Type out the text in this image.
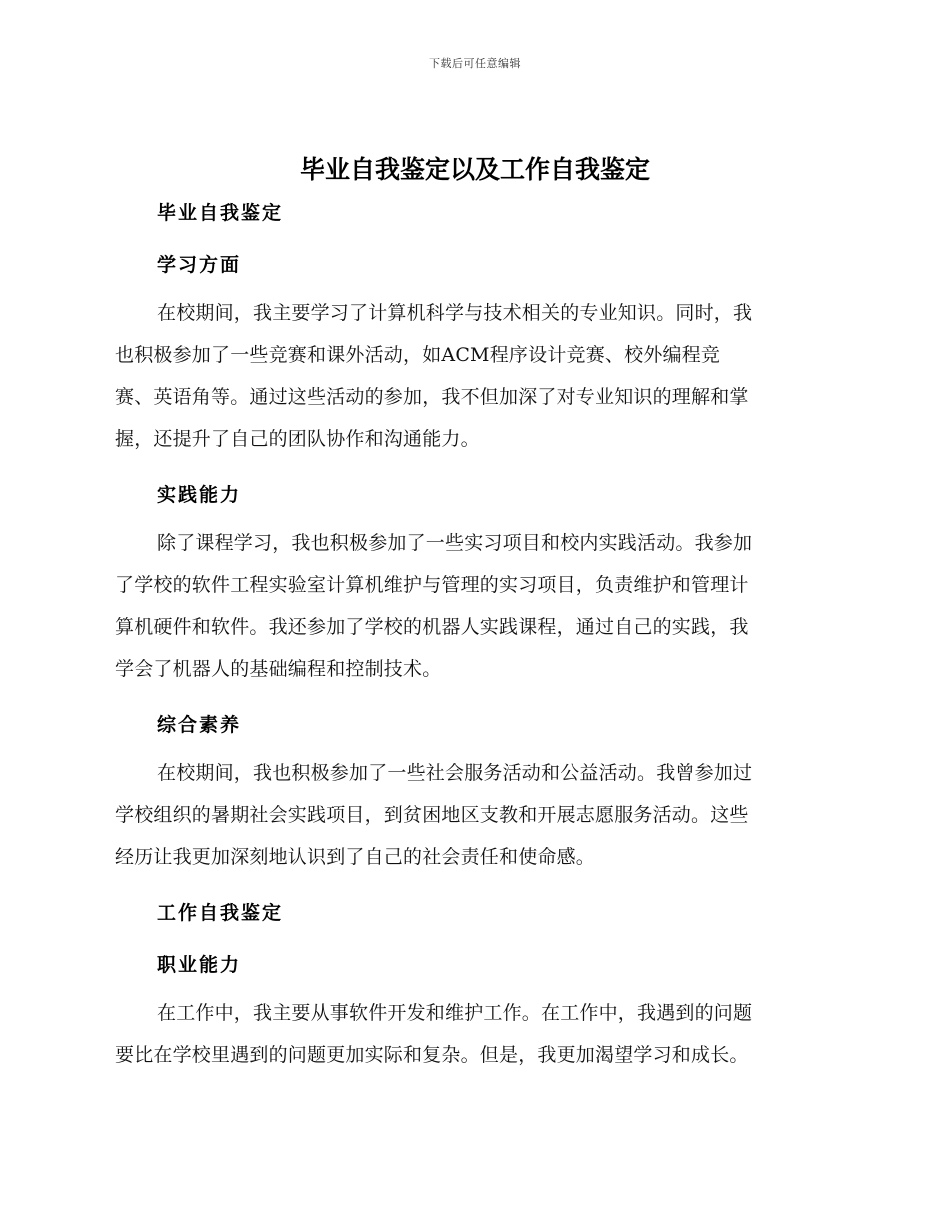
下载后可任意编辑
毕业自我鉴定以及工作自我鉴定
毕业自我鉴定
学习方面
在校期间，我主要学习了计算机科学与技术相关的专业知识。同时，我
也积极参加了一些竞赛和课外活动，如ACM程序设计竞赛、校外编程竞
赛、英语角等。通过这些活动的参加，我不但加深了对专业知识的理解和掌
握，还提升了自己的团队协作和沟通能力。
实践能力
除了课程学习，我也积极参加了一些实习项目和校内实践活动。我参加
了学校的软件工程实验室计算机维护与管理的实习项目，负责维护和管理计
算机硬件和软件。我还参加了学校的机器人实践课程，通过自己的实践，我
学会了机器人的基础编程和控制技术。
综合素养
在校期间，我也积极参加了一些社会服务活动和公益活动。我曾参加过
学校组织的暑期社会实践项目，到贫困地区支教和开展志愿服务活动。这些
经历让我更加深刻地认识到了自己的社会责任和使命感。
工作自我鉴定
职业能力
在工作中，我主要从事软件开发和维护工作。在工作中，我遇到的问题
要比在学校里遇到的问题更加实际和复杂。但是，我更加渴望学习和成长。
